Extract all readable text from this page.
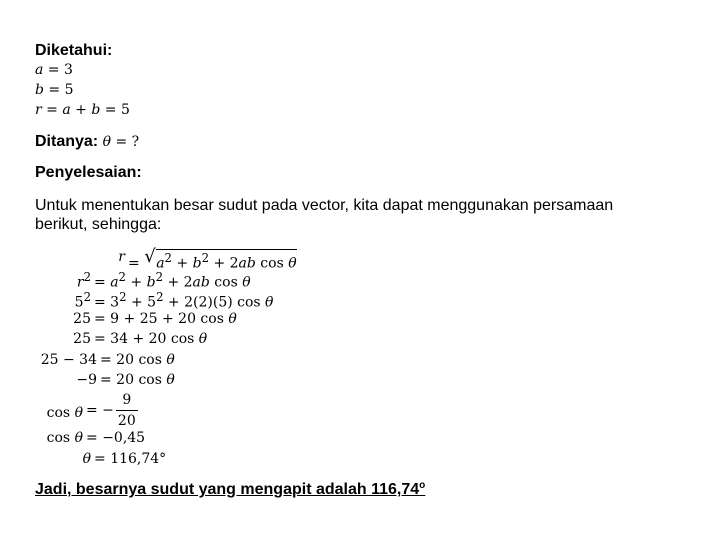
Diketahui:
a = 3
b = 5
r = a + b = 5
Ditanya: θ = ?
Penyelesaian:
Untuk menentukan besar sudut pada vector, kita dapat menggunakan persamaan berikut, sehingga:
r = √ $a^2 + b^2 + 2ab$ cos θ
$r^2 = a^2 + b^2 + 2ab$ cos θ
$5^2 = 3^2 + 5^2 + 2(2)(5)$ cos θ
25 = 9 + 25 + 20 cos θ
25 = 34 + 20 cos θ
25 − 34 = 20 cos θ
−9 = 20 cos θ
cos θ = − $\frac{9}{20}$
cos θ = −0,45
θ = 116,74°
Jadi, besarnya sudut yang mengapit adalah 116,74$^o$
